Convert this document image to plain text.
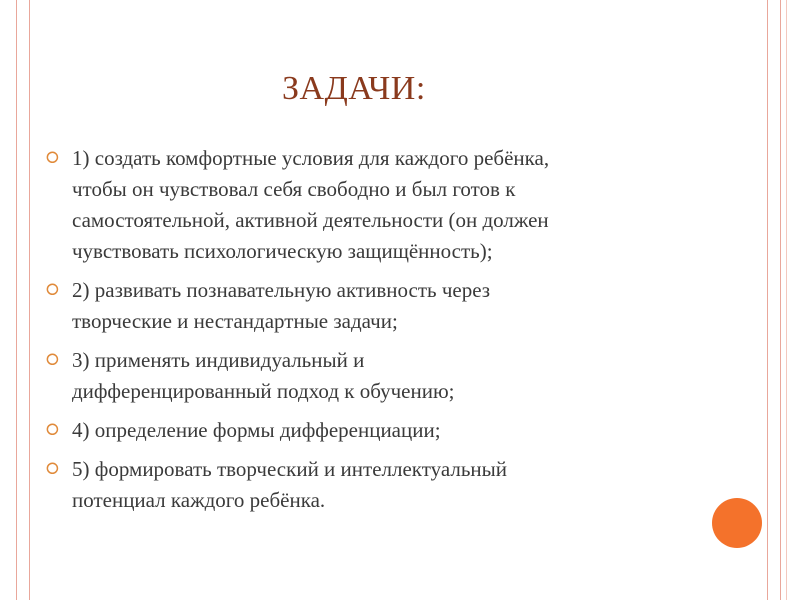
ЗАДАЧИ:
⭘ 1) создать комфортные условия для каждого ребёнка,
чтобы он чувствовал себя свободно и был готов к
самостоятельной, активной деятельности (он должен
чувствовать психологическую защищённость);
⭘ 2) развивать познавательную активность через
творческие и нестандартные задачи;
⭘ 3) применять индивидуальный и
дифференцированный подход к обучению;
⭘ 4) определение формы дифференциации;
⭘ 5) формировать творческий и интеллектуальный
потенциал каждого ребёнка.
